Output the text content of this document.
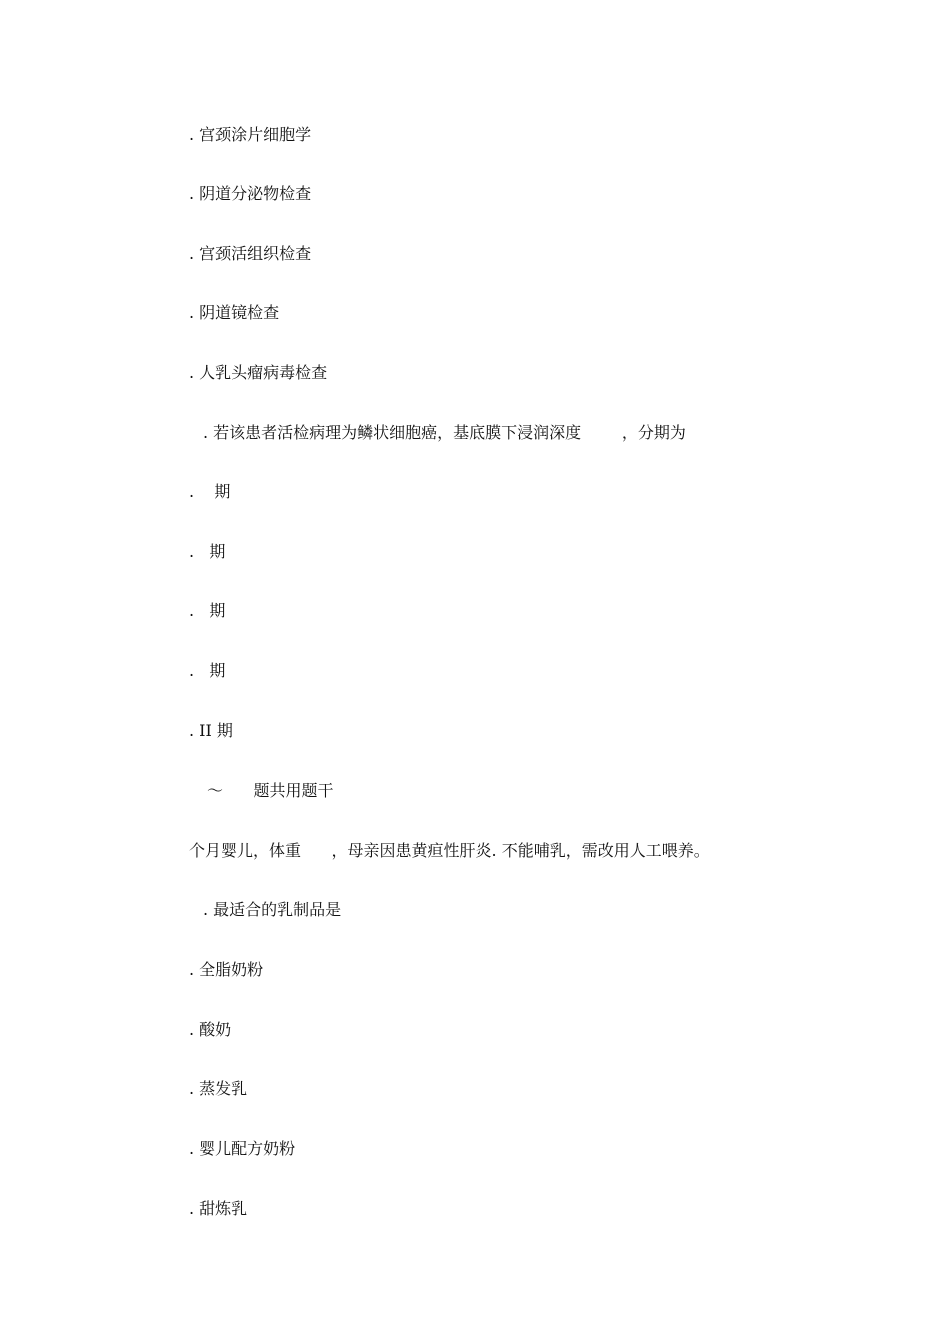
. 宫颈涂片细胞学
. 阴道分泌物检查
. 宫颈活组织检查
. 阴道镜检查
. 人乳头瘤病毒检查
. 若该患者活检病理为鳞状细胞癌，基底膜下浸润深度        ，分期为
.    期
.   期
.   期
.   期
. II 期
～      题共用题干
个月婴儿，体重      ，母亲因患黄疸性肝炎. 不能哺乳，需改用人工喂养。
. 最适合的乳制品是
. 全脂奶粉
. 酸奶
. 蒸发乳
. 婴儿配方奶粉
. 甜炼乳
